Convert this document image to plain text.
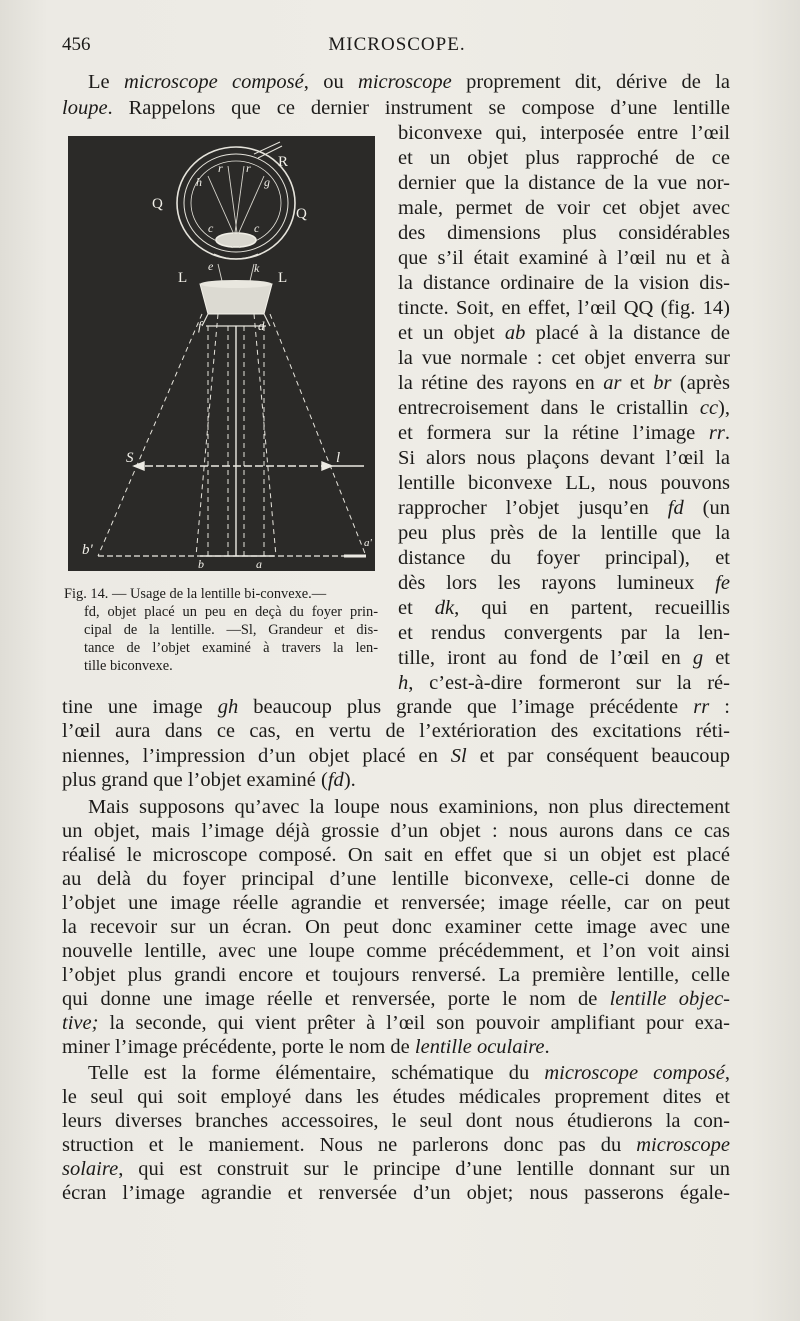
456	MICROSCOPE.
R
Q
Q
h
r r
g
c	c
e	k
L	L
f	d
S	l
b'
b	a
a'
Fig. 14. — Usage de la lentille bi-convexe.—
fd, objet placé un peu en deçà du foyer prin-
cipal de la lentille. —Sl, Grandeur et dis-
tance de l’objet examiné à travers la len-
tille biconvexe.
Le microscope composé, ou microscope proprement dit, dérive de la
loupe. Rappelons que ce dernier instrument se compose d’une lentille
biconvexe qui, interposée entre l’œil
et un objet plus rapproché de ce
dernier que la distance de la vue nor-
male, permet de voir cet objet avec
des dimensions plus considérables
que s’il était examiné à l’œil nu et à
la distance ordinaire de la vision dis-
tincte. Soit, en effet, l’œil QQ (fig. 14)
et un objet ab placé à la distance de
la vue normale : cet objet enverra sur
la rétine des rayons en ar et br (après
entrecroisement dans le cristallin cc),
et formera sur la rétine l’image rr.
Si alors nous plaçons devant l’œil la
lentille biconvexe LL, nous pouvons
rapprocher l’objet jusqu’en fd (un
peu plus près de la lentille que la
distance du foyer principal), et
dès lors les rayons lumineux fe
et dk, qui en partent, recueillis
et rendus convergents par la len-
tille, iront au fond de l’œil en g et
h, c’est-à-dire formeront sur la ré-
tine une image gh beaucoup plus grande que l’image précédente rr :
l’œil aura dans ce cas, en vertu de l’extérioration des excitations réti-
niennes, l’impression d’un objet placé en Sl et par conséquent beaucoup
plus grand que l’objet examiné (fd).
Mais supposons qu’avec la loupe nous examinions, non plus directement
un objet, mais l’image déjà grossie d’un objet : nous aurons dans ce cas
réalisé le microscope composé. On sait en effet que si un objet est placé
au delà du foyer principal d’une lentille biconvexe, celle-ci donne de
l’objet une image réelle agrandie et renversée; image réelle, car on peut
la recevoir sur un écran. On peut donc examiner cette image avec une
nouvelle lentille, avec une loupe comme précédemment, et l’on voit ainsi
l’objet plus grandi encore et toujours renversé. La première lentille, celle
qui donne une image réelle et renversée, porte le nom de lentille objec-
tive; la seconde, qui vient prêter à l’œil son pouvoir amplifiant pour exa-
miner l’image précédente, porte le nom de lentille oculaire.
Telle est la forme élémentaire, schématique du microscope composé,
le seul qui soit employé dans les études médicales proprement dites et
leurs diverses branches accessoires, le seul dont nous étudierons la con-
struction et le maniement. Nous ne parlerons donc pas du microscope
solaire, qui est construit sur le principe d’une lentille donnant sur un
écran l’image agrandie et renversée d’un objet; nous passerons égale-
